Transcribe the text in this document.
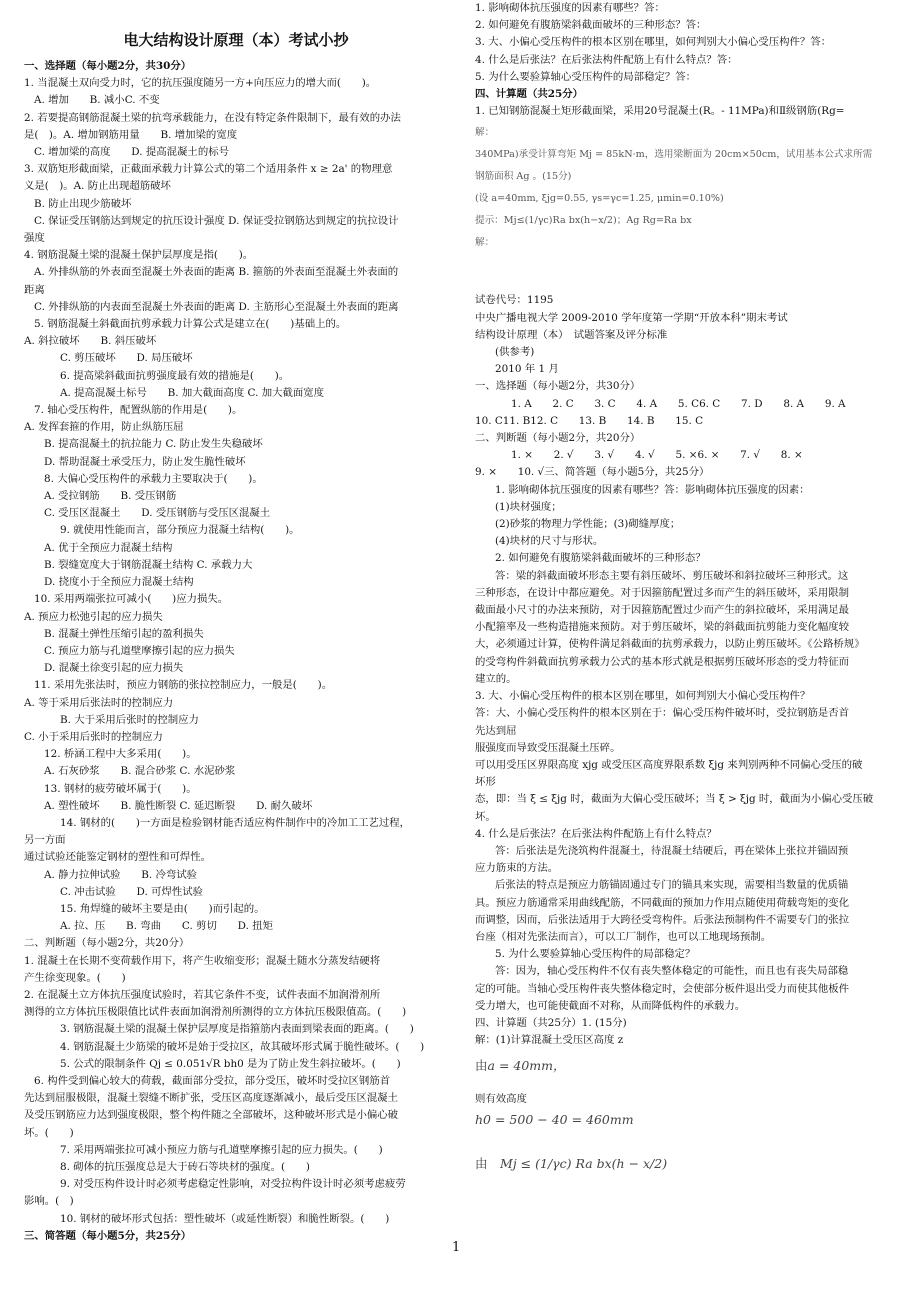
电大结构设计原理（本）考试小抄
一、选择题（每小题2分，共30分）
1. 当混凝土双向受力时，它的抗压强度随另一方+向压应力的增大而(　　)。
A. 增加　　B. 减小C. 不变
2. 若要提高钢筋混凝土梁的抗弯承载能力，在没有特定条件限制下，最有效的办法
是(　)。A. 增加钢筋用量　　B. 增加梁的宽度
C. 增加梁的高度　　D. 提高混凝土的标号
3. 双筋矩形截面梁，正截面承载力计算公式的第二个适用条件 x ≥ 2a' 的物理意
义是(　)。A. 防止出现超筋破坏
B. 防止出现少筋破坏
C. 保证受压钢筋达到规定的抗压设计强度 D. 保证受拉钢筋达到规定的抗拉设计
强度
4. 钢筋混凝土梁的混凝土保护层厚度是指(　　)。
A. 外排纵筋的外表面至混凝土外表面的距离 B. 箍筋的外表面至混凝土外表面的
距离
C. 外排纵筋的内表面至混凝土外表面的距离 D. 主筋形心至混凝土外表面的距离
5. 钢筋混凝土斜截面抗剪承载力计算公式是建立在(　　)基础上的。
A. 斜拉破坏　　B. 斜压破坏
C. 剪压破坏　　D. 局压破坏
6. 提高梁斜截面抗剪强度最有效的措施是(　　)。
A. 提高混凝土标号　　B. 加大截面高度 C. 加大截面宽度
7. 轴心受压构件，配置纵筋的作用是(　　)。
A. 发挥套箍的作用，防止纵筋压屈
B. 提高混凝土的抗拉能力 C. 防止发生失稳破坏
D. 帮助混凝土承受压力，防止发生脆性破坏
8. 大偏心受压构件的承载力主要取决于(　　)。
A. 受拉钢筋　　B. 受压钢筋
C. 受压区混凝土　　D. 受压钢筋与受压区混凝土
9. 就使用性能而言，部分预应力混凝土结构(　　)。
A. 优于全预应力混凝土结构
B. 裂缝宽度大于钢筋混凝土结构 C. 承载力大
D. 挠度小于全预应力混凝土结构
10. 采用两端张拉可减小(　　)应力损失。
A. 预应力松弛引起的应力损失
B. 混凝土弹性压缩引起的盈利损失
C. 预应力筋与孔道壁摩擦引起的应力损失
D. 混凝土徐变引起的应力损失
11. 采用先张法时，预应力钢筋的张拉控制应力，一般是(　　)。
A. 等于采用后张法时的控制应力
B. 大于采用后张时的控制应力
C. 小于采用后张时的控制应力
12. 桥涵工程中大多采用(　　)。
A. 石灰砂浆　　B. 混合砂浆 C. 水泥砂浆
13. 钢材的疲劳破坏属于(　　)。
A. 塑性破坏　　B. 脆性断裂 C. 延迟断裂　　D. 耐久破坏
14. 钢材的(　　)一方面是检验钢材能否适应构件制作中的冷加工工艺过程，
另一方面
通过试验还能鉴定钢材的塑性和可焊性。
A. 静力拉伸试验　　B. 冷弯试验
C. 冲击试验　　D. 可焊性试验
15. 角焊缝的破坏主要是由(　　)而引起的。
A. 拉、压　　B. 弯曲　　C. 剪切　　D. 扭矩
二、判断题（每小题2分，共20分）
1. 混凝土在长期不变荷载作用下，将产生收缩变形；混凝土随水分蒸发结硬将
产生徐变现象。(　　)
2. 在混凝土立方体抗压强度试验时，若其它条件不变，试件表面不加润滑剂所
测得的立方体抗压极限值比试件表面加润滑剂所测得的立方体抗压极限值高。(　　)
3. 钢筋混凝土梁的混凝土保护层厚度是指箍筋内表面到梁表面的距离。(　　)
4. 钢筋混凝土少筋梁的破坏是始于受拉区，故其破坏形式属于脆性破坏。(　　)
5. 公式的限制条件 Qj ≤ 0.051√R bh0 是为了防止发生斜拉破坏。(　　)
6. 构件受到偏心较大的荷载，截面部分受拉，部分受压，破坏时受拉区钢筋首
先达到屈服极限，混凝土裂缝不断扩张，受压区高度逐渐减小，最后受压区混凝土
及受压钢筋应力达到强度极限，整个构件随之全部破坏，这种破坏形式是小偏心破
坏。(　　)
7. 采用两端张拉可减小预应力筋与孔道壁摩擦引起的应力损失。(　　)
8. 砌体的抗压强度总是大于砖石等块材的强度。(　　)
9. 对受压构件设计时必须考虑稳定性影响，对受拉构件设计时必须考虑疲劳
影响。(　)
10. 钢材的破坏形式包括：塑性破坏（或延性断裂）和脆性断裂。(　　)
三、简答题（每小题5分，共25分）
1. 影响砌体抗压强度的因素有哪些？答：
2. 如何避免有腹筋梁斜截面破坏的三种形态？答：
3. 大、小偏心受压构件的根本区别在哪里，如何判别大小偏心受压构件？答：
4. 什么是后张法？在后张法构件配筋上有什么特点？答：
5. 为什么要验算轴心受压构件的局部稳定？答：
四、计算题（共25分）
1. 已知钢筋混凝土矩形截面梁，采用20号混凝土(R。- 11MPa)和Ⅱ级钢筋(Rg=
解：
340MPa)承受计算弯矩 Mj = 85kN·m，选用梁断面为 20cm×50cm，试用基本公式求所需
钢筋面积 Ag 。(15分)
(设 a=40mm, ξjg=0.55, γs=γc=1.25, μmin=0.10%)
提示：Mj≤(1/γc)Ra bx(h−x/2)；Ag Rg=Ra bx
解：
试卷代号：1195
中央广播电视大学 2009-2010 学年度第一学期“开放本科”期末考试
结构设计原理（本）　试题答案及评分标准
(供参考)
2010 年 1 月
一、选择题（每小题2分，共30分）
1. A　　2. C　　3. C　　4. A　　5. C6. C　　7. D　　8. A　　9. A
10. C11. B12. C　　13. B　　14. B　　15. C
二、判断题（每小题2分，共20分）
1. ×　　2. √　　3. √　　4. √　　5. ×6. ×　　7. √　　8. ×
9. ×　　10. √三、简答题（每小题5分，共25分）
1. 影响砌体抗压强度的因素有哪些？答：影响砌体抗压强度的因素：
(1)块材强度；
(2)砂浆的物理力学性能；(3)砌缝厚度；
(4)块材的尺寸与形状。
2. 如何避免有腹筋梁斜截面破坏的三种形态？
答：梁的斜截面破坏形态主要有斜压破坏、剪压破坏和斜拉破坏三种形式。这
三种形态，在设计中都应避免。对于因箍筋配置过多而产生的斜压破坏，采用限制
截面最小尺寸的办法来预防，对于因箍筋配置过少而产生的斜拉破坏，采用满足最
小配箍率及一些构造措施来预防。对于剪压破坏，梁的斜截面抗剪能力变化幅度较
大，必须通过计算，使构件满足斜截面的抗剪承载力，以防止剪压破坏。《公路桥规》
的受弯构件斜截面抗剪承载力公式的基本形式就是根据剪压破坏形态的受力特征而
建立的。
3. 大、小偏心受压构件的根本区别在哪里，如何判别大小偏心受压构件？
答：大、小偏心受压构件的根本区别在于：偏心受压构件破坏时，受拉钢筋是否首
先达到屈
服强度而导致受压混凝土压碎。
可以用受压区界限高度 xjg 或受压区高度界限系数 ξjg 来判别两种不同偏心受压的破
坏形
态，即：当 ξ ≤ ξjg 时，截面为大偏心受压破坏；当 ξ > ξjg 时，截面为小偏心受压破
坏。
4. 什么是后张法？在后张法构件配筋上有什么特点？
答：后张法是先浇筑构件混凝土，待混凝土结硬后，再在梁体上张拉并锚固预
应力筋束的方法。
后张法的特点是预应力筋锚固通过专门的锚具来实现，需要相当数量的优质锚
具。预应力筋通常采用曲线配筋，不同截面的预加力作用点随使用荷载弯矩的变化
而调整，因而，后张法适用于大跨径受弯构件。后张法预制构件不需要专门的张拉
台座（相对先张法而言），可以工厂制作，也可以工地现场预制。
5. 为什么要验算轴心受压构件的局部稳定？
答：因为，轴心受压构件不仅有丧失整体稳定的可能性，而且也有丧失局部稳
定的可能。当轴心受压构件丧失整体稳定时，会使部分板件退出受力而使其他板件
受力增大，也可能使截面不对称，从而降低构件的承载力。
四、计算题（共25分）1. (15分)
解：(1)计算混凝土受压区高度 z
由a = 40mm，
则有效高度
h0 = 500 − 40 = 460mm
由　 Mj ≤ (1/γc) Ra bx(h − x/2)
1
